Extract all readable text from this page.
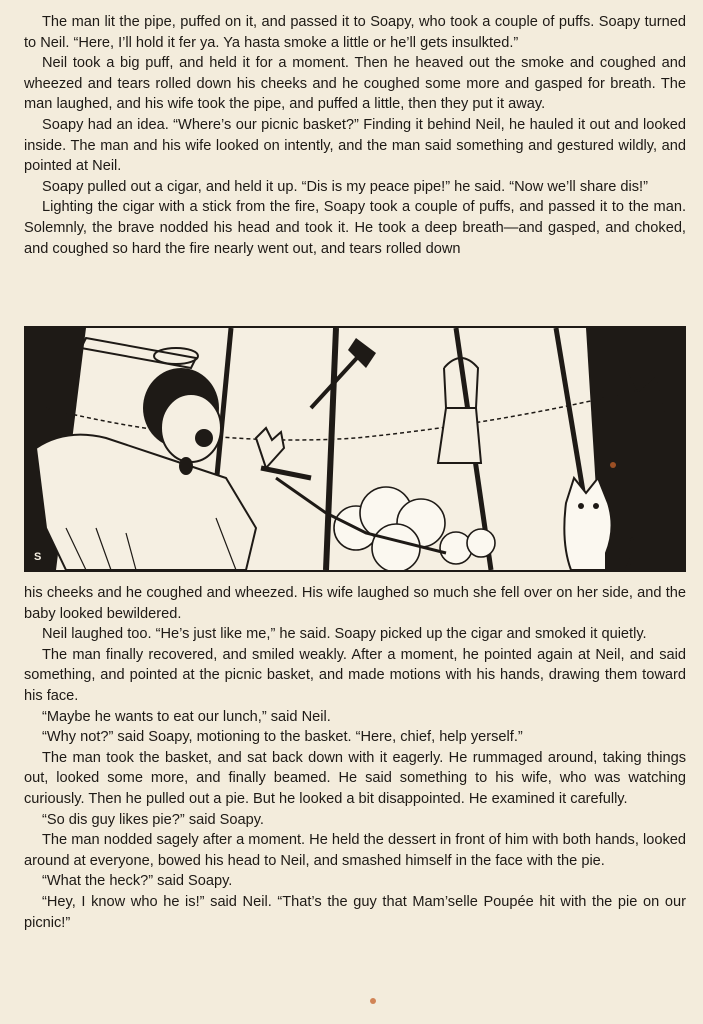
The man lit the pipe, puffed on it, and passed it to Soapy, who took a couple of puffs. Soapy turned to Neil. “Here, I’ll hold it fer ya. Ya hasta smoke a little or he’ll gets insulkted.”

Neil took a big puff, and held it for a moment. Then he heaved out the smoke and coughed and wheezed and tears rolled down his cheeks and he coughed some more and gasped for breath. The man laughed, and his wife took the pipe, and puffed a little, then they put it away.

Soapy had an idea. “Where’s our picnic basket?” Finding it behind Neil, he hauled it out and looked inside. The man and his wife looked on intently, and the man said something and gestured wildly, and pointed at Neil.

Soapy pulled out a cigar, and held it up. “Dis is my peace pipe!” he said. “Now we’ll share dis!”

Lighting the cigar with a stick from the fire, Soapy took a couple of puffs, and passed it to the man. Solemnly, the brave nodded his head and took it. He took a deep breath—and gasped, and choked, and coughed so hard the fire nearly went out, and tears rolled down

S

his cheeks and he coughed and wheezed. His wife laughed so much she fell over on her side, and the baby looked bewildered.

Neil laughed too. “He’s just like me,” he said. Soapy picked up the cigar and smoked it quietly.

The man finally recovered, and smiled weakly. After a moment, he pointed again at Neil, and said something, and pointed at the picnic basket, and made motions with his hands, drawing them toward his face.

“Maybe he wants to eat our lunch,” said Neil.

“Why not?” said Soapy, motioning to the basket. “Here, chief, help yerself.”

The man took the basket, and sat back down with it eagerly. He rummaged around, taking things out, looked some more, and finally beamed. He said something to his wife, who was watching curiously. Then he pulled out a pie. But he looked a bit disappointed. He examined it carefully.

“So dis guy likes pie?” said Soapy.

The man nodded sagely after a moment. He held the dessert in front of him with both hands, looked around at everyone, bowed his head to Neil, and smashed himself in the face with the pie.

“What the heck?” said Soapy.

“Hey, I know who he is!” said Neil. “That’s the guy that Mam’selle Poupée hit with the pie on our picnic!”
